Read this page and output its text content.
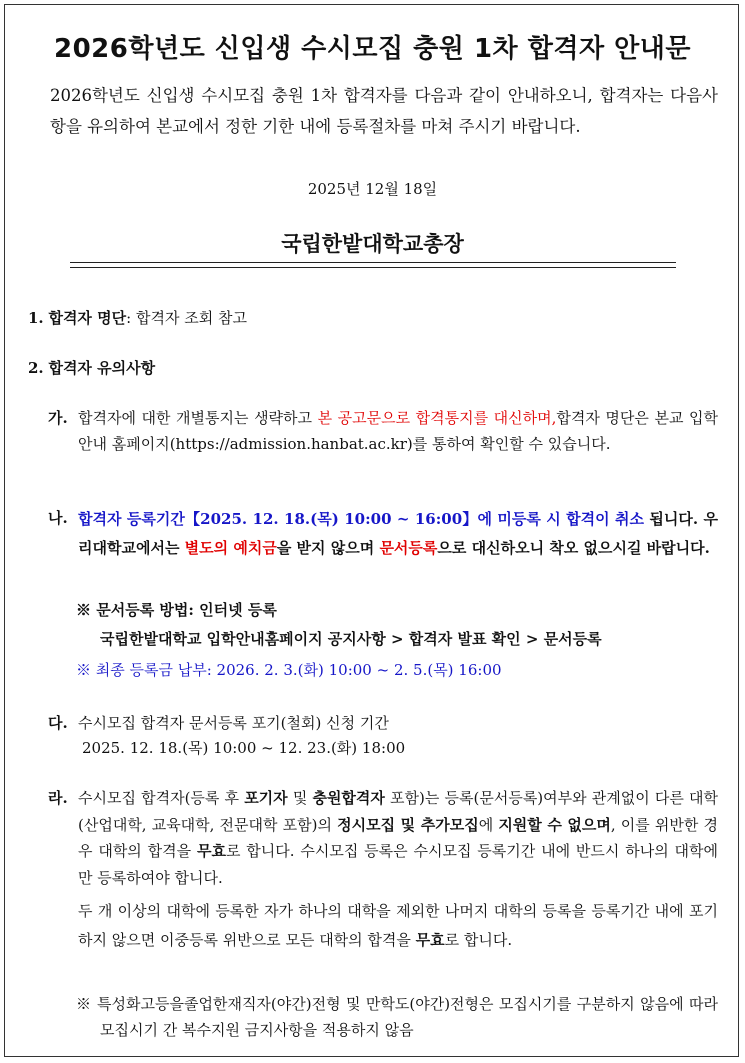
2026학년도 신입생 수시모집 충원 1차 합격자 안내문
2026학년도 신입생 수시모집 충원 1차 합격자를 다음과 같이 안내하오니, 합격자는 다음사항을 유의하여 본교에서 정한 기한 내에 등록절차를 마쳐 주시기 바랍니다.
2025년 12월 18일
국립한밭대학교총장
1. 합격자 명단: 합격자 조회 참고
2. 합격자 유의사항
가. 합격자에 대한 개별통지는 생략하고 본 공고문으로 합격통지를 대신하며,합격자 명단은 본교 입학안내 홈페이지(https://admission.hanbat.ac.kr)를 통하여 확인할 수 있습니다.
나. 합격자 등록기간【2025. 12. 18.(목) 10:00 ~ 16:00】에 미등록 시 합격이 취소 됩니다. 우리대학교에서는 별도의 예치금을 받지 않으며 문서등록으로 대신하오니 착오 없으시길 바랍니다.
※ 문서등록 방법: 인터넷 등록
국립한밭대학교 입학안내홈페이지 공지사항 > 합격자 발표 확인 > 문서등록
※ 최종 등록금 납부: 2026. 2. 3.(화) 10:00 ~ 2. 5.(목) 16:00
다. 수시모집 합격자 문서등록 포기(철회) 신청 기간
2025. 12. 18.(목) 10:00 ~ 12. 23.(화) 18:00
라. 수시모집 합격자(등록 후 포기자 및 충원합격자 포함)는 등록(문서등록)여부와 관계없이 다른 대학(산업대학, 교육대학, 전문대학 포함)의 정시모집 및 추가모집에 지원할 수 없으며, 이를 위반한 경우 대학의 합격을 무효로 합니다. 수시모집 등록은 수시모집 등록기간 내에 반드시 하나의 대학에만 등록하여야 합니다.
두 개 이상의 대학에 등록한 자가 하나의 대학을 제외한 나머지 대학의 등록을 등록기간 내에 포기하지 않으면 이중등록 위반으로 모든 대학의 합격을 무효로 합니다.
※ 특성화고등을졸업한재직자(야간)전형 및 만학도(야간)전형은 모집시기를 구분하지 않음에 따라 모집시기 간 복수지원 금지사항을 적용하지 않음
